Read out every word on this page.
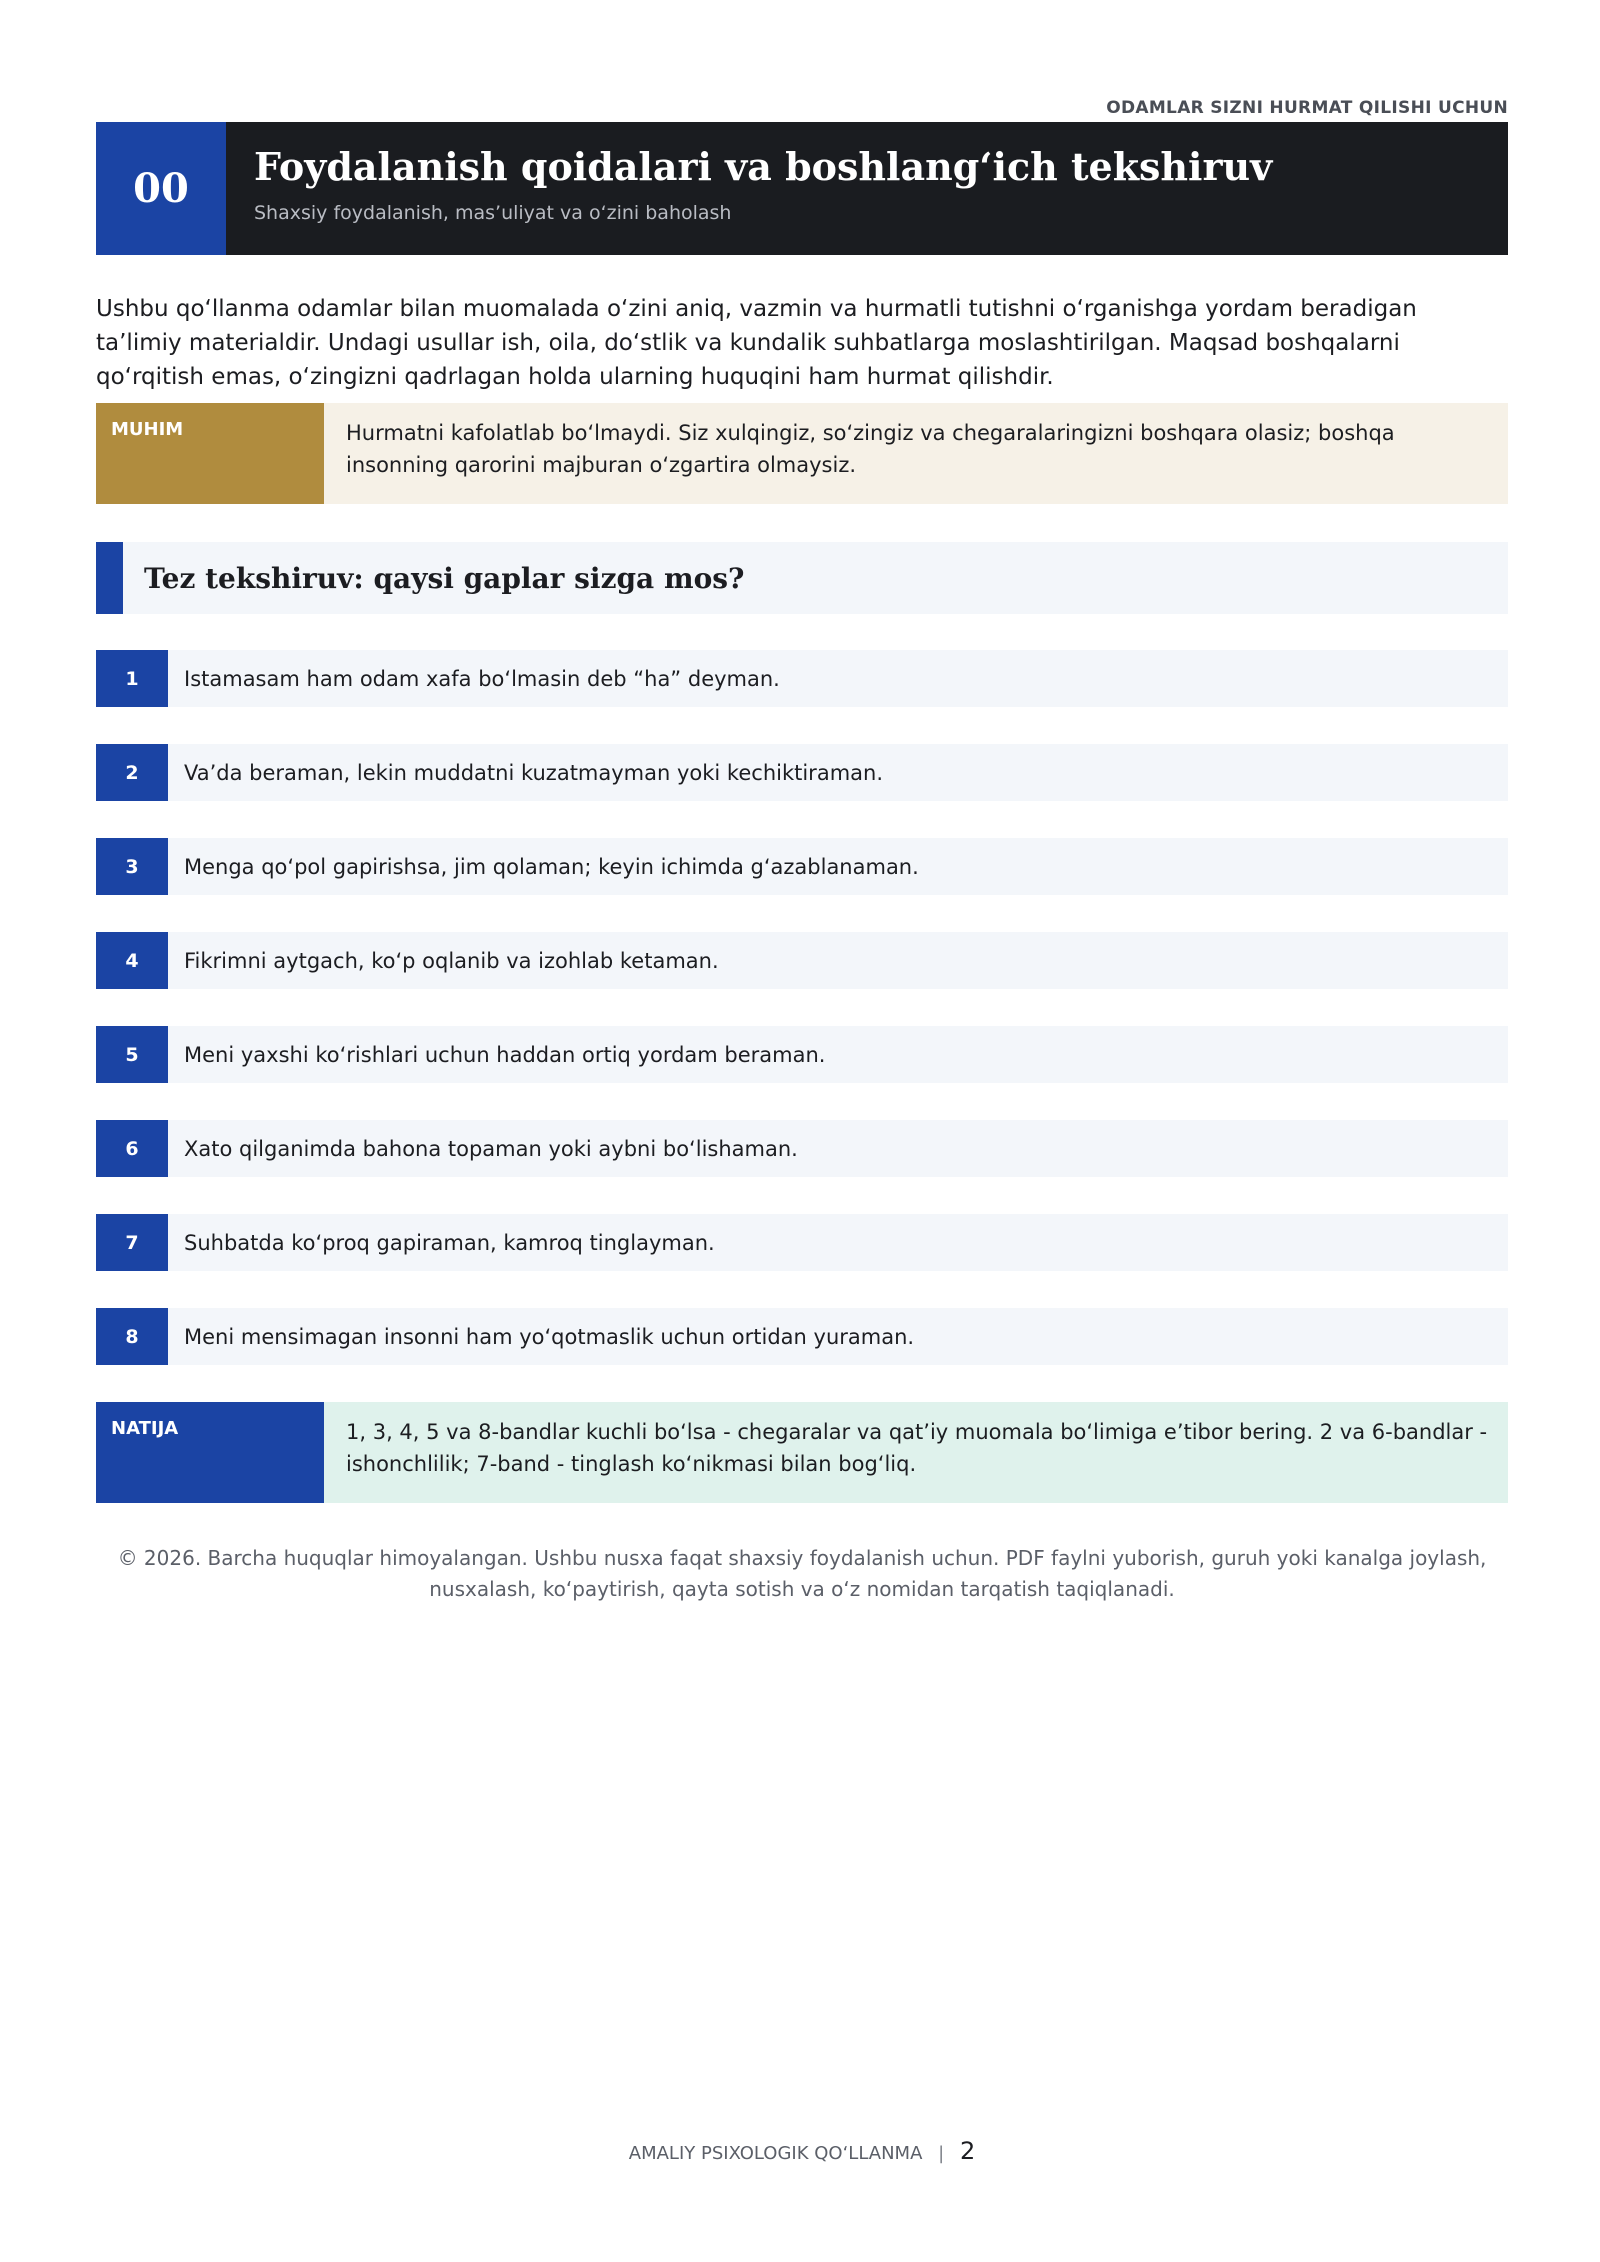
ODAMLAR SIZNI HURMAT QILISHI UCHUN
00	Foydalanish qoidalari va boshlang‘ich tekshiruv
Shaxsiy foydalanish, mas’uliyat va o‘zini baholash

Ushbu qo‘llanma odamlar bilan muomalada o‘zini aniq, vazmin va hurmatli tutishni o‘rganishga yordam beradigan ta’limiy materialdir. Undagi usullar ish, oila, do‘stlik va kundalik suhbatlarga moslashtirilgan. Maqsad boshqalarni qo‘rqitish emas, o‘zingizni qadrlagan holda ularning huquqini ham hurmat qilishdir.

MUHIM	Hurmatni kafolatlab bo‘lmaydi. Siz xulqingiz, so‘zingiz va chegaralaringizni boshqara olasiz; boshqa insonning qarorini majburan o‘zgartira olmaysiz.
Tez tekshiruv: qaysi gaplar sizga mos?
1	Istamasam ham odam xafa bo‘lmasin deb “ha” deyman.
2	Va’da beraman, lekin muddatni kuzatmayman yoki kechiktiraman.
3	Menga qo‘pol gapirishsa, jim qolaman; keyin ichimda g‘azablanaman.
4	Fikrimni aytgach, ko‘p oqlanib va izohlab ketaman.
5	Meni yaxshi ko‘rishlari uchun haddan ortiq yordam beraman.
6	Xato qilganimda bahona topaman yoki aybni bo‘lishaman.
7	Suhbatda ko‘proq gapiraman, kamroq tinglayman.
8	Meni mensimagan insonni ham yo‘qotmaslik uchun ortidan yuraman.
NATIJA	1, 3, 4, 5 va 8-bandlar kuchli bo‘lsa - chegaralar va qat’iy muomala bo‘limiga e’tibor bering. 2 va 6-bandlar - ishonchlilik; 7-band - tinglash ko‘nikmasi bilan bog‘liq.
© 2026. Barcha huquqlar himoyalangan. Ushbu nusxa faqat shaxsiy foydalanish uchun. PDF faylni yuborish, guruh yoki kanalga joylash, nusxalash, ko‘paytirish, qayta sotish va o‘z nomidan tarqatish taqiqlanadi.
AMALIY PSIXOLOGIK QO‘LLANMA | 2
